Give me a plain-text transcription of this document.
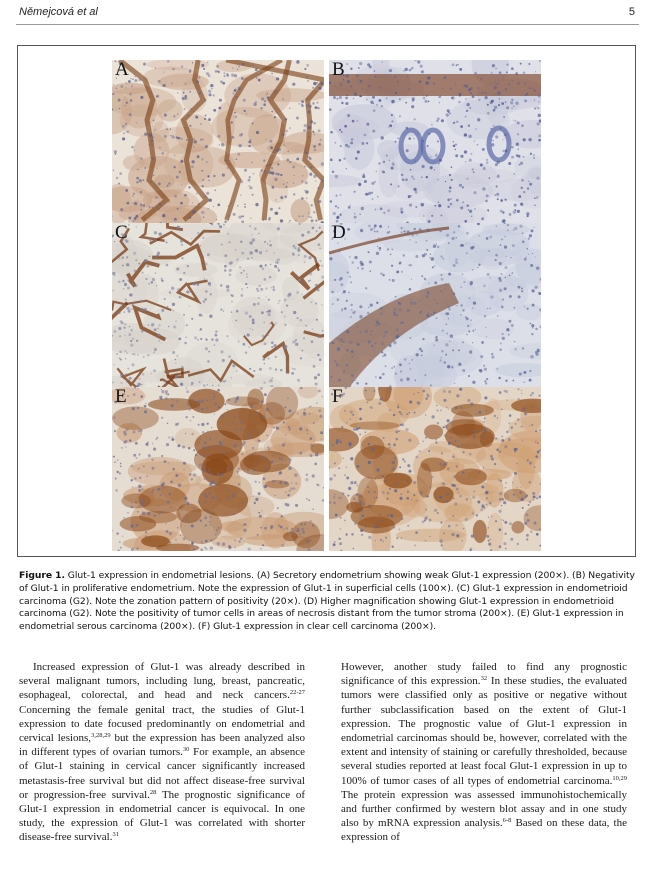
Němejcová et al	5
A	B
C	D
E	F
Figure 1. Glut-1 expression in endometrial lesions. (A) Secretory endometrium showing weak Glut-1 expression (200×). (B) Negativity of Glut-1 in proliferative endometrium. Note the expression of Glut-1 in superficial cells (100×). (C) Glut-1 expression in endometrioid carcinoma (G2). Note the zonation pattern of positivity (20×). (D) Higher magnification showing Glut-1 expression in endometrioid carcinoma (G2). Note the positivity of tumor cells in areas of necrosis distant from the tumor stroma (200×). (E) Glut-1 expression in endometrial serous carcinoma (200×). (F) Glut-1 expression in clear cell carcinoma (200×).

Increased expression of Glut-1 was already described in several malignant tumors, including lung, breast, pancreatic, esophageal, colorectal, and head and neck cancers.$^{22-27}$ Concerning the female genital tract, the studies of Glut-1 expression to date focused predominantly on endometrial and cervical lesions,$^{3,28,29}$ but the expression has been analyzed also in different types of ovarian tumors.$^{30}$ For example, an absence of Glut-1 staining in cervical cancer significantly increased metastasis-free survival but did not affect disease-free survival or progression-free survival.$^{28}$ The prognostic significance of Glut-1 expression in endometrial cancer is equivocal. In one study, the expression of Glut-1 was correlated with shorter disease-free survival.$^{31}$

However, another study failed to find any prognostic significance of this expression.$^{32}$ In these studies, the evaluated tumors were classified only as positive or negative without further subclassification based on the extent of Glut-1 expression. The prognostic value of Glut-1 expression in endometrial carcinomas should be, however, correlated with the extent and intensity of staining or carefully thresholded, because several studies reported at least focal Glut-1 expression in up to 100% of tumor cases of all types of endometrial carcinoma.$^{10,29}$ The protein expression was assessed immunohistochemically and further confirmed by western blot assay and in one study also by mRNA expression analysis.$^{6-8}$ Based on these data, the expression of
